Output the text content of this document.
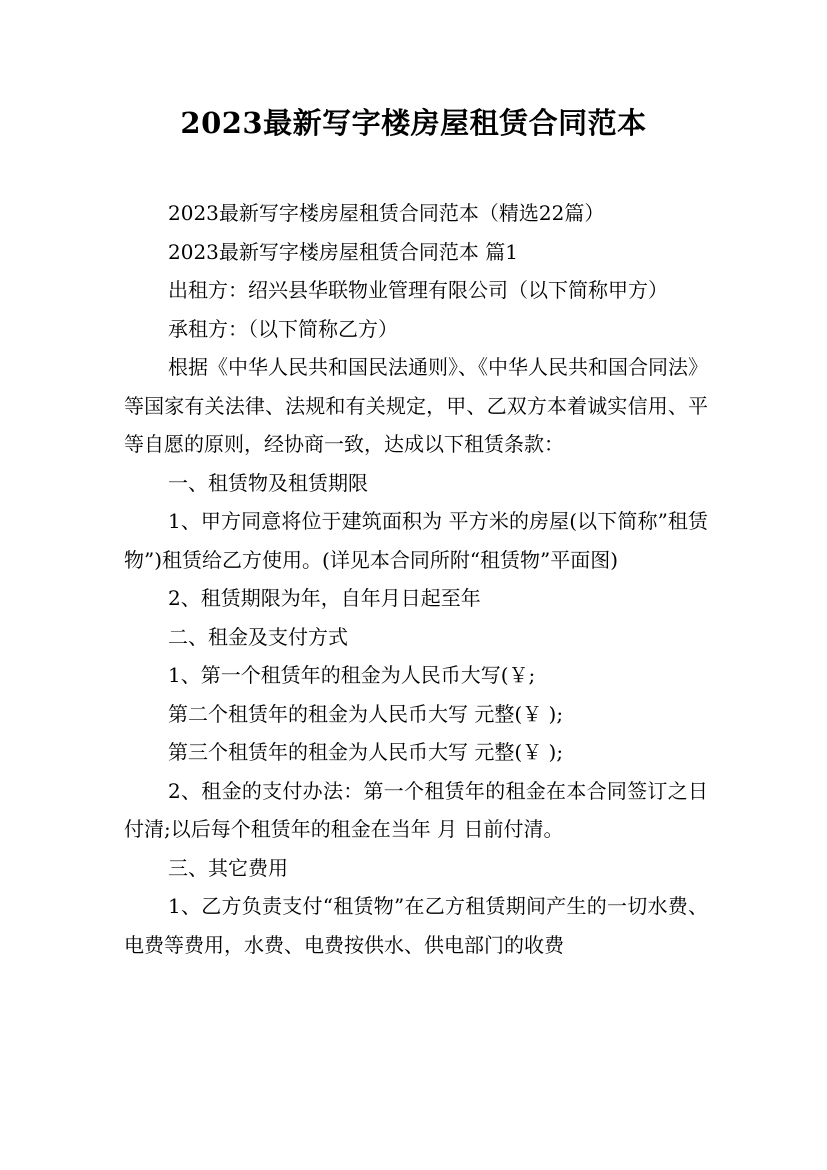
2023最新写字楼房屋租赁合同范本

2023最新写字楼房屋租赁合同范本（精选22篇）

2023最新写字楼房屋租赁合同范本 篇1

出租方：绍兴县华联物业管理有限公司（以下简称甲方）

承租方：（以下简称乙方）

根据《中华人民共和国民法通则》、《中华人民共和国合同法》等国家有关法律、法规和有关规定，甲、乙双方本着诚实信用、平等自愿的原则，经协商一致，达成以下租赁条款：

一、租赁物及租赁期限

1、甲方同意将位于建筑面积为 平方米的房屋(以下简称”租赁物”)租赁给乙方使用。(详见本合同所附“租赁物”平面图)

2、租赁期限为年，自年月日起至年

二、租金及支付方式

1、第一个租赁年的租金为人民币大写(￥;

第二个租赁年的租金为人民币大写 元整(￥ );

第三个租赁年的租金为人民币大写 元整(￥ );

2、租金的支付办法：第一个租赁年的租金在本合同签订之日付清;以后每个租赁年的租金在当年 月 日前付清。

三、其它费用

1、乙方负责支付“租赁物”在乙方租赁期间产生的一切水费、电费等费用，水费、电费按供水、供电部门的收费
